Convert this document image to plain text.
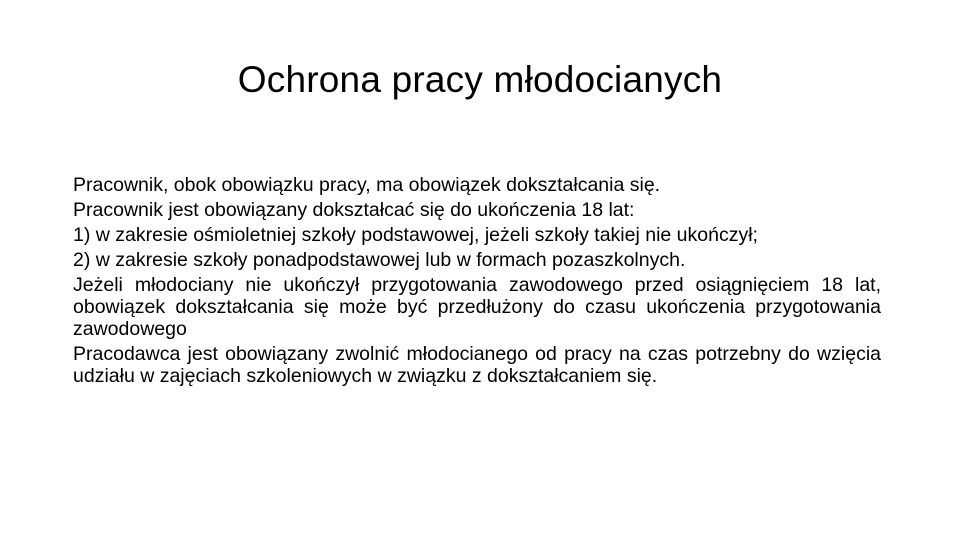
Ochrona pracy młodocianych

Pracownik, obok obowiązku pracy, ma obowiązek dokształcania się.

Pracownik jest obowiązany dokształcać się do ukończenia 18 lat:

1) w zakresie ośmioletniej szkoły podstawowej, jeżeli szkoły takiej nie ukończył;

2) w zakresie szkoły ponadpodstawowej lub w formach pozaszkolnych.

Jeżeli młodociany nie ukończył przygotowania zawodowego przed osiągnięciem 18 lat, obowiązek dokształcania się może być przedłużony do czasu ukończenia przygotowania zawodowego

Pracodawca jest obowiązany zwolnić młodocianego od pracy na czas potrzebny do wzięcia udziału w zajęciach szkoleniowych w związku z dokształcaniem się.
